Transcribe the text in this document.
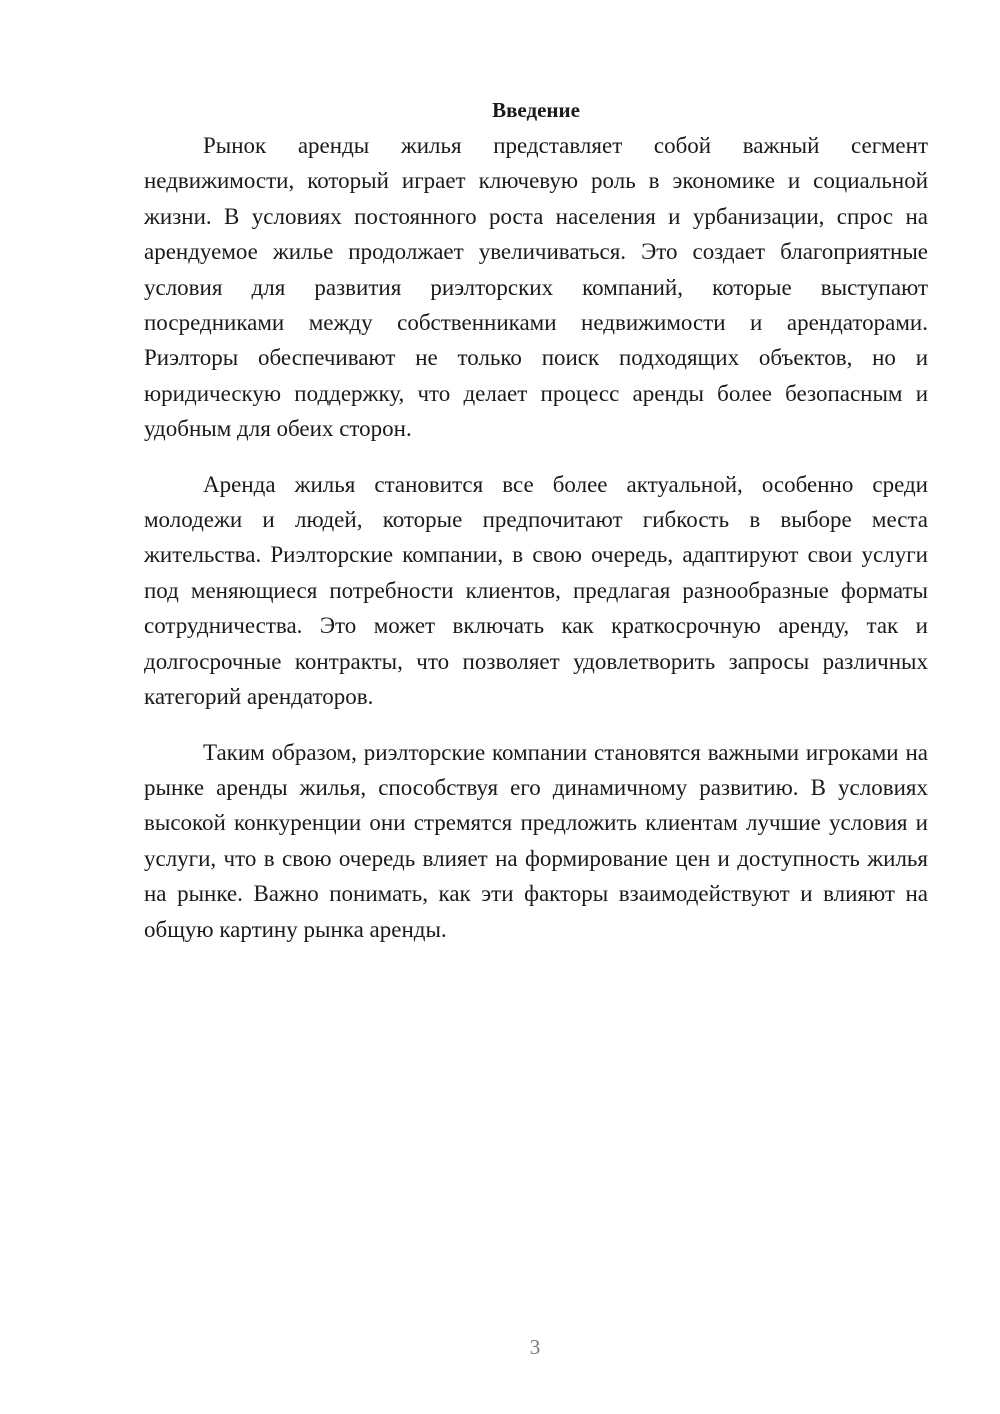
Введение

Рынок аренды жилья представляет собой важный сегмент недвижимости, который играет ключевую роль в экономике и социальной жизни. В условиях постоянного роста населения и урбанизации, спрос на арендуемое жилье продолжает увеличиваться. Это создает благоприятные условия для развития риэлторских компаний, которые выступают посредниками между собственниками недвижимости и арендаторами. Риэлторы обеспечивают не только поиск подходящих объектов, но и юридическую поддержку, что делает процесс аренды более безопасным и удобным для обеих сторон.

Аренда жилья становится все более актуальной, особенно среди молодежи и людей, которые предпочитают гибкость в выборе места жительства. Риэлторские компании, в свою очередь, адаптируют свои услуги под меняющиеся потребности клиентов, предлагая разнообразные форматы сотрудничества. Это может включать как краткосрочную аренду, так и долгосрочные контракты, что позволяет удовлетворить запросы различных категорий арендаторов.

Таким образом, риэлторские компании становятся важными игроками на рынке аренды жилья, способствуя его динамичному развитию. В условиях высокой конкуренции они стремятся предложить клиентам лучшие условия и услуги, что в свою очередь влияет на формирование цен и доступность жилья на рынке. Важно понимать, как эти факторы взаимодействуют и влияют на общую картину рынка аренды.

3
